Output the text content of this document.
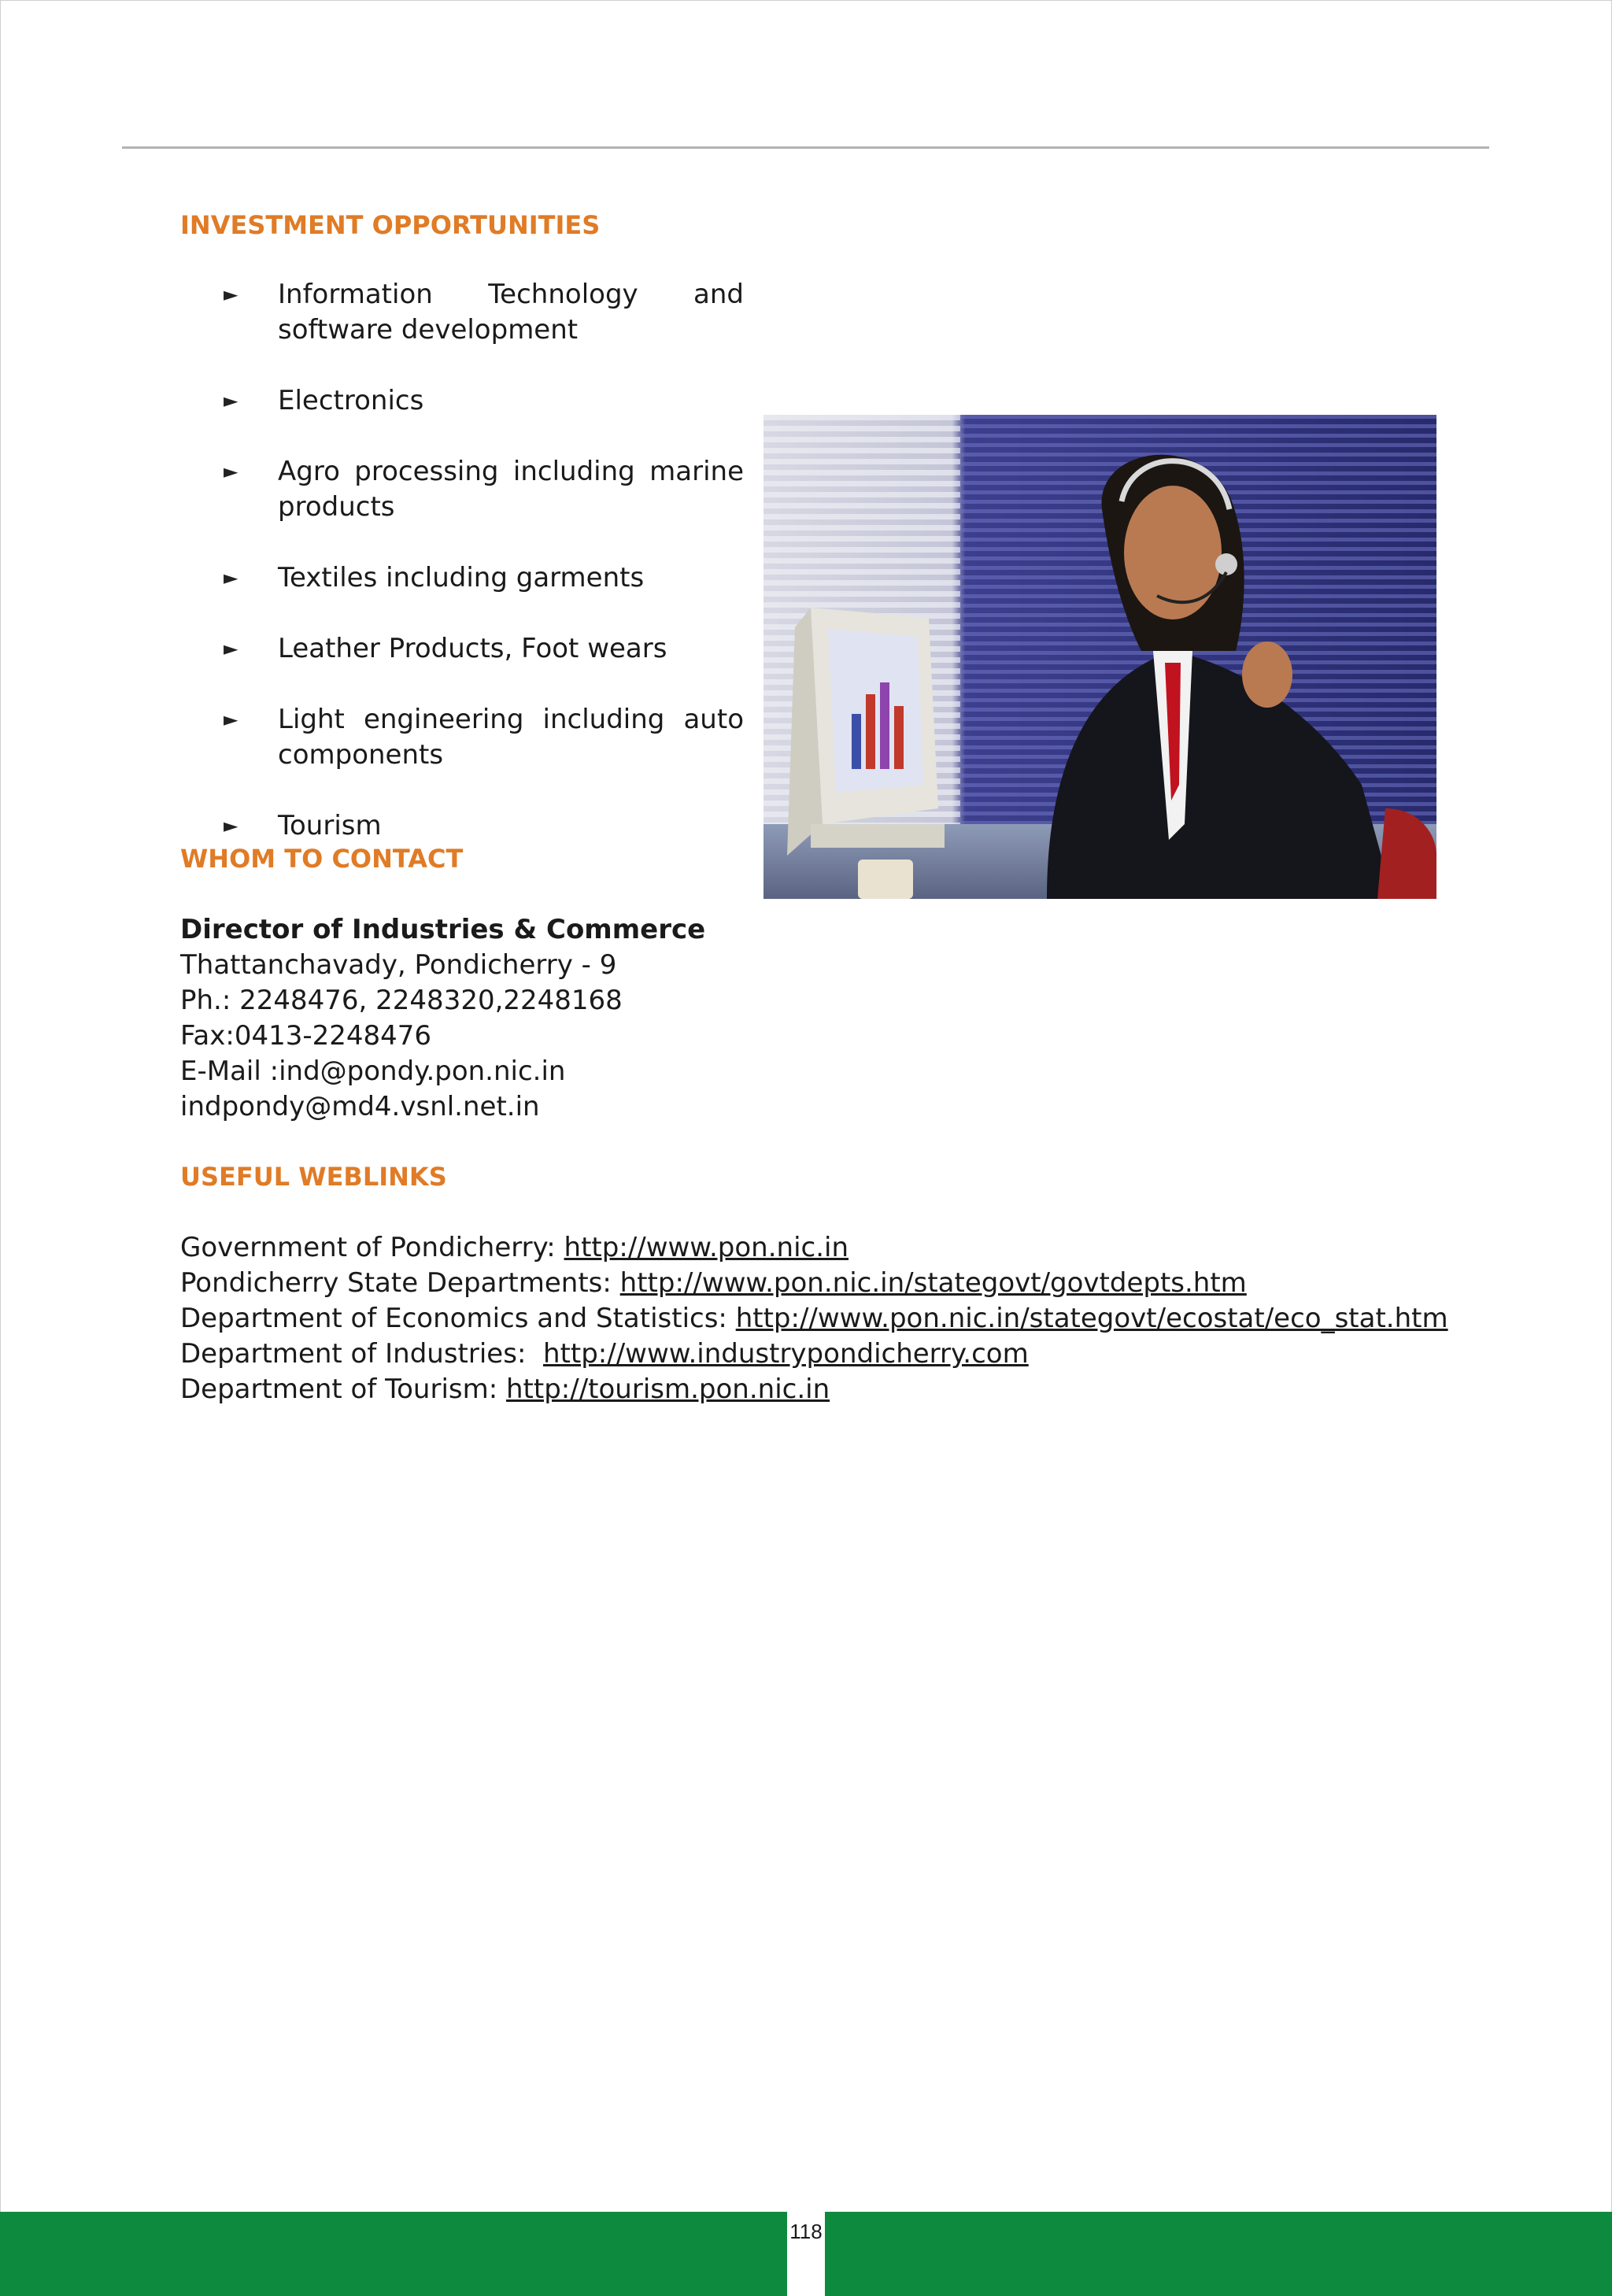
INVESTMENT OPPORTUNITIES
► Information Technology and software development
► Electronics
► Agro processing including marine products
► Textiles including garments
► Leather Products, Foot wears
► Light engineering including auto components
► Tourism
WHOM TO CONTACT
Director of Industries & Commerce
Thattanchavady, Pondicherry - 9
Ph.: 2248476, 2248320,2248168
Fax:0413-2248476
E-Mail :ind@pondy.pon.nic.in
indpondy@md4.vsnl.net.in
USEFUL WEBLINKS
Government of Pondicherry: http://www.pon.nic.in
Pondicherry State Departments: http://www.pon.nic.in/stategovt/govtdepts.htm
Department of Economics and Statistics: http://www.pon.nic.in/stategovt/ecostat/eco_stat.htm
Department of Industries:  http://www.industrypondicherry.com
Department of Tourism: http://tourism.pon.nic.in
118
